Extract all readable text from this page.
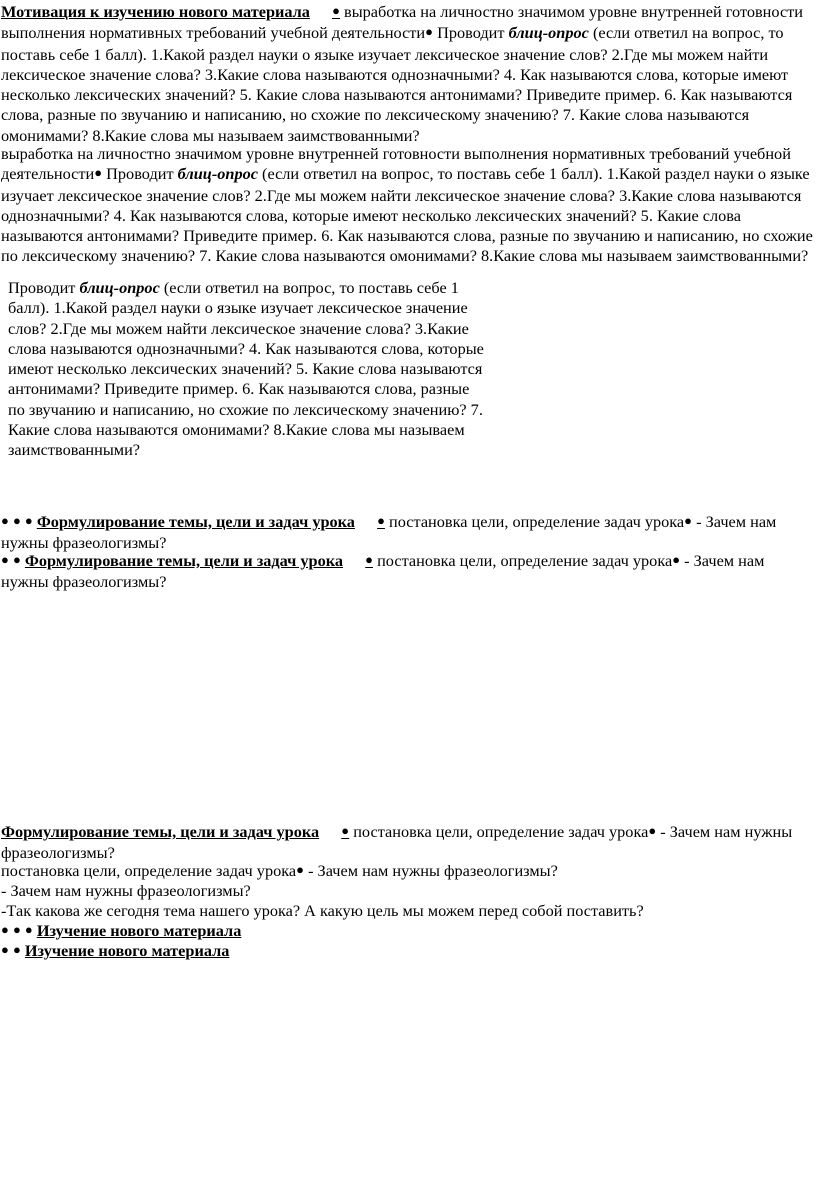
Мотивация к изучению нового материала ● выработка на личностно значимом уровне внутренней готовности выполнения нормативных требований учебной деятельности● Проводит блиц-опрос (если ответил на вопрос, то поставь себе 1 балл). 1.Какой раздел науки о языке изучает лексическое значение слов? 2.Где мы можем найти лексическое значение слова? 3.Какие слова называются однозначными? 4. Как называются слова, которые имеют несколько лексических значений? 5. Какие слова называются антонимами? Приведите пример. 6. Как называются слова, разные по звучанию и написанию, но схожие по лексическому значению? 7. Какие слова называются омонимами? 8.Какие слова мы называем заимствованными?

выработка на личностно значимом уровне внутренней готовности выполнения нормативных требований учебной деятельности● Проводит блиц-опрос (если ответил на вопрос, то поставь себе 1 балл). 1.Какой раздел науки о языке изучает лексическое значение слов? 2.Где мы можем найти лексическое значение слова? 3.Какие слова называются однозначными? 4. Как называются слова, которые имеют несколько лексических значений? 5. Какие слова называются антонимами? Приведите пример. 6. Как называются слова, разные по звучанию и написанию, но схожие по лексическому значению? 7. Какие слова называются омонимами? 8.Какие слова мы называем заимствованными?

Проводит блиц-опрос (если ответил на вопрос, то поставь себе 1 балл). 1.Какой раздел науки о языке изучает лексическое значение слов? 2.Где мы можем найти лексическое значение слова? 3.Какие слова называются однозначными? 4. Как называются слова, которые имеют несколько лексических значений? 5. Какие слова называются антонимами? Приведите пример. 6. Как называются слова, разные по звучанию и написанию, но схожие по лексическому значению? 7. Какие слова называются омонимами? 8.Какие слова мы называем заимствованными?

● ● ● Формулирование темы, цели и задач урока ● постановка цели, определение задач урока● - Зачем нам нужны фразеологизмы?

● ● Формулирование темы, цели и задач урока ● постановка цели, определение задач урока● - Зачем нам нужны фразеологизмы?

Формулирование темы, цели и задач урока ● постановка цели, определение задач урока● - Зачем нам нужны фразеологизмы?

постановка цели, определение задач урока● - Зачем нам нужны фразеологизмы?

- Зачем нам нужны фразеологизмы?

-Так какова же сегодня тема нашего урока? А какую цель мы можем перед собой поставить?

● ● ● Изучение нового материала

● ● Изучение нового материала
